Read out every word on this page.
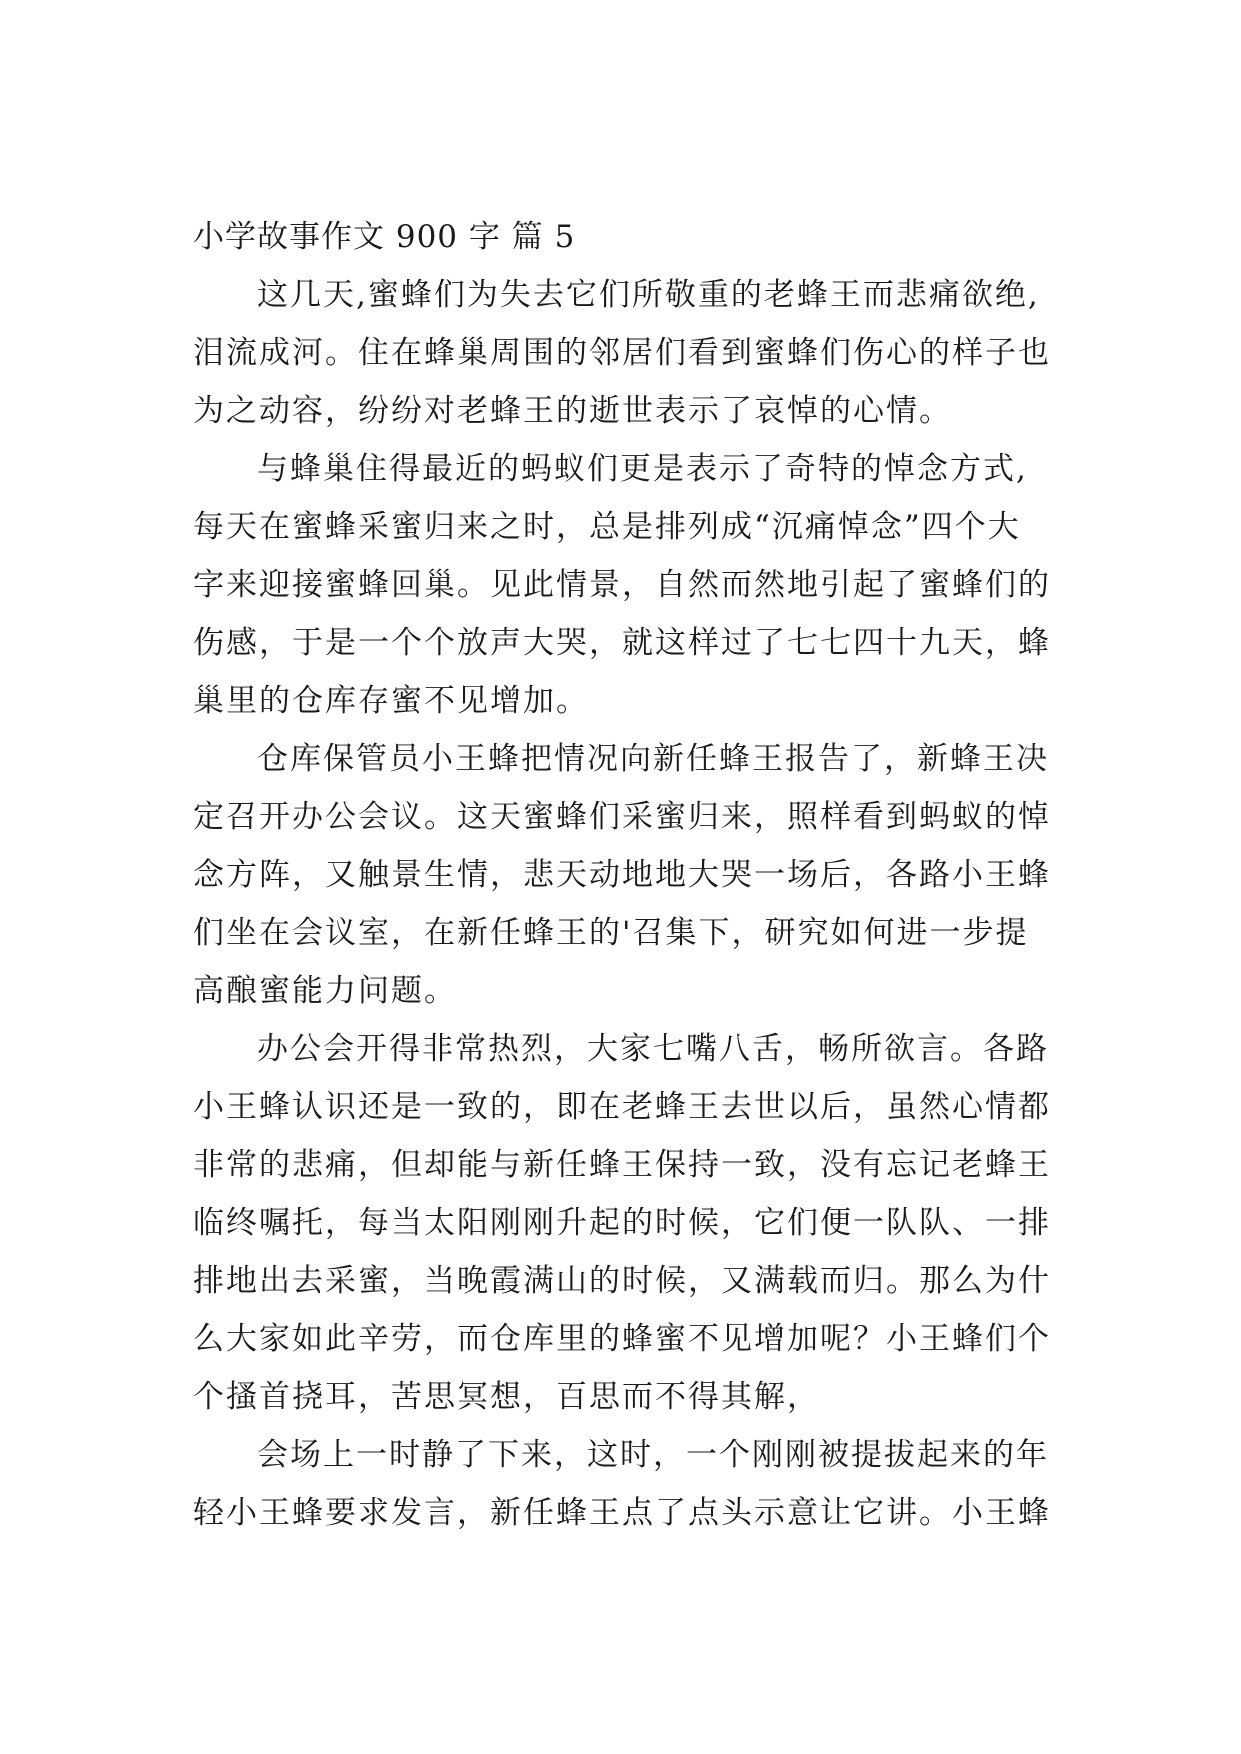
小学故事作文 900 字 篇 5
这几天,蜜蜂们为失去它们所敬重的老蜂王而悲痛欲绝,
泪流成河。住在蜂巢周围的邻居们看到蜜蜂们伤心的样子也
为之动容，纷纷对老蜂王的逝世表示了哀悼的心情。
与蜂巢住得最近的蚂蚁们更是表示了奇特的悼念方式,
每天在蜜蜂采蜜归来之时，总是排列成“沉痛悼念”四个大
字来迎接蜜蜂回巢。见此情景，自然而然地引起了蜜蜂们的
伤感，于是一个个放声大哭，就这样过了七七四十九天，蜂
巢里的仓库存蜜不见增加。
仓库保管员小王蜂把情况向新任蜂王报告了，新蜂王决
定召开办公会议。这天蜜蜂们采蜜归来，照样看到蚂蚁的悼
念方阵，又触景生情，悲天动地地大哭一场后，各路小王蜂
们坐在会议室，在新任蜂王的'召集下，研究如何进一步提
高酿蜜能力问题。
办公会开得非常热烈，大家七嘴八舌，畅所欲言。各路
小王蜂认识还是一致的，即在老蜂王去世以后，虽然心情都
非常的悲痛，但却能与新任蜂王保持一致，没有忘记老蜂王
临终嘱托，每当太阳刚刚升起的时候，它们便一队队、一排
排地出去采蜜，当晚霞满山的时候，又满载而归。那么为什
么大家如此辛劳，而仓库里的蜂蜜不见增加呢？小王蜂们个
个搔首挠耳，苦思冥想，百思而不得其解，
会场上一时静了下来，这时，一个刚刚被提拔起来的年
轻小王蜂要求发言，新任蜂王点了点头示意让它讲。小王蜂
